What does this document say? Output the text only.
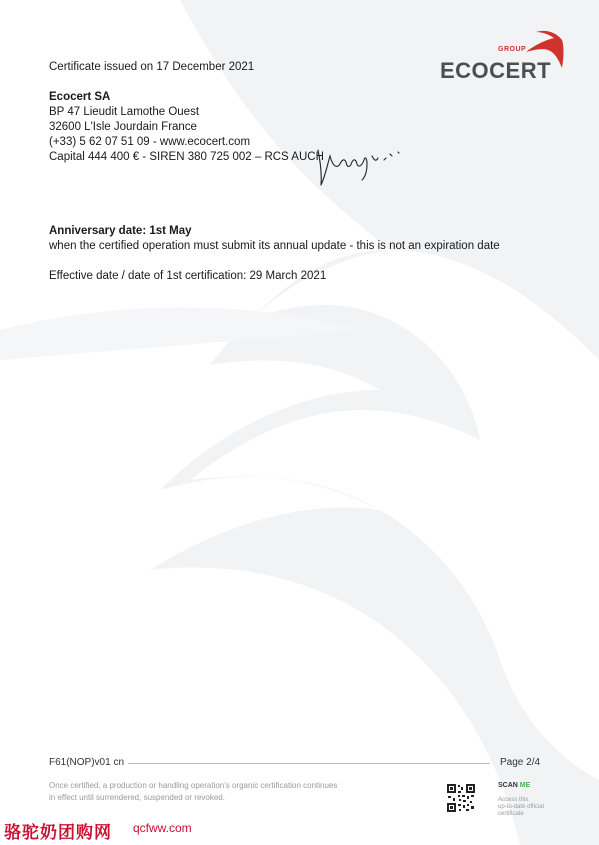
GROUP
ECOCERT
Certificate issued on 17 December 2021
Ecocert SA
BP 47 Lieudit Lamothe Ouest
32600 L'Isle Jourdain France
(+33) 5 62 07 51 09 - www.ecocert.com
Capital 444 400 € - SIREN 380 725 002 – RCS AUCH
Anniversary date: 1st May
when the certified operation must submit its annual update - this is not an expiration date
Effective date / date of 1st certification: 29 March 2021
F61(NOP)v01 cn	Page 2/4
Once certified, a production or handling operation's organic certification continues
in effect until surrendered, suspended or revoked.
SCAN ME
Access this
up-to-date official
certificate
骆驼奶团购网 qcfww.com
